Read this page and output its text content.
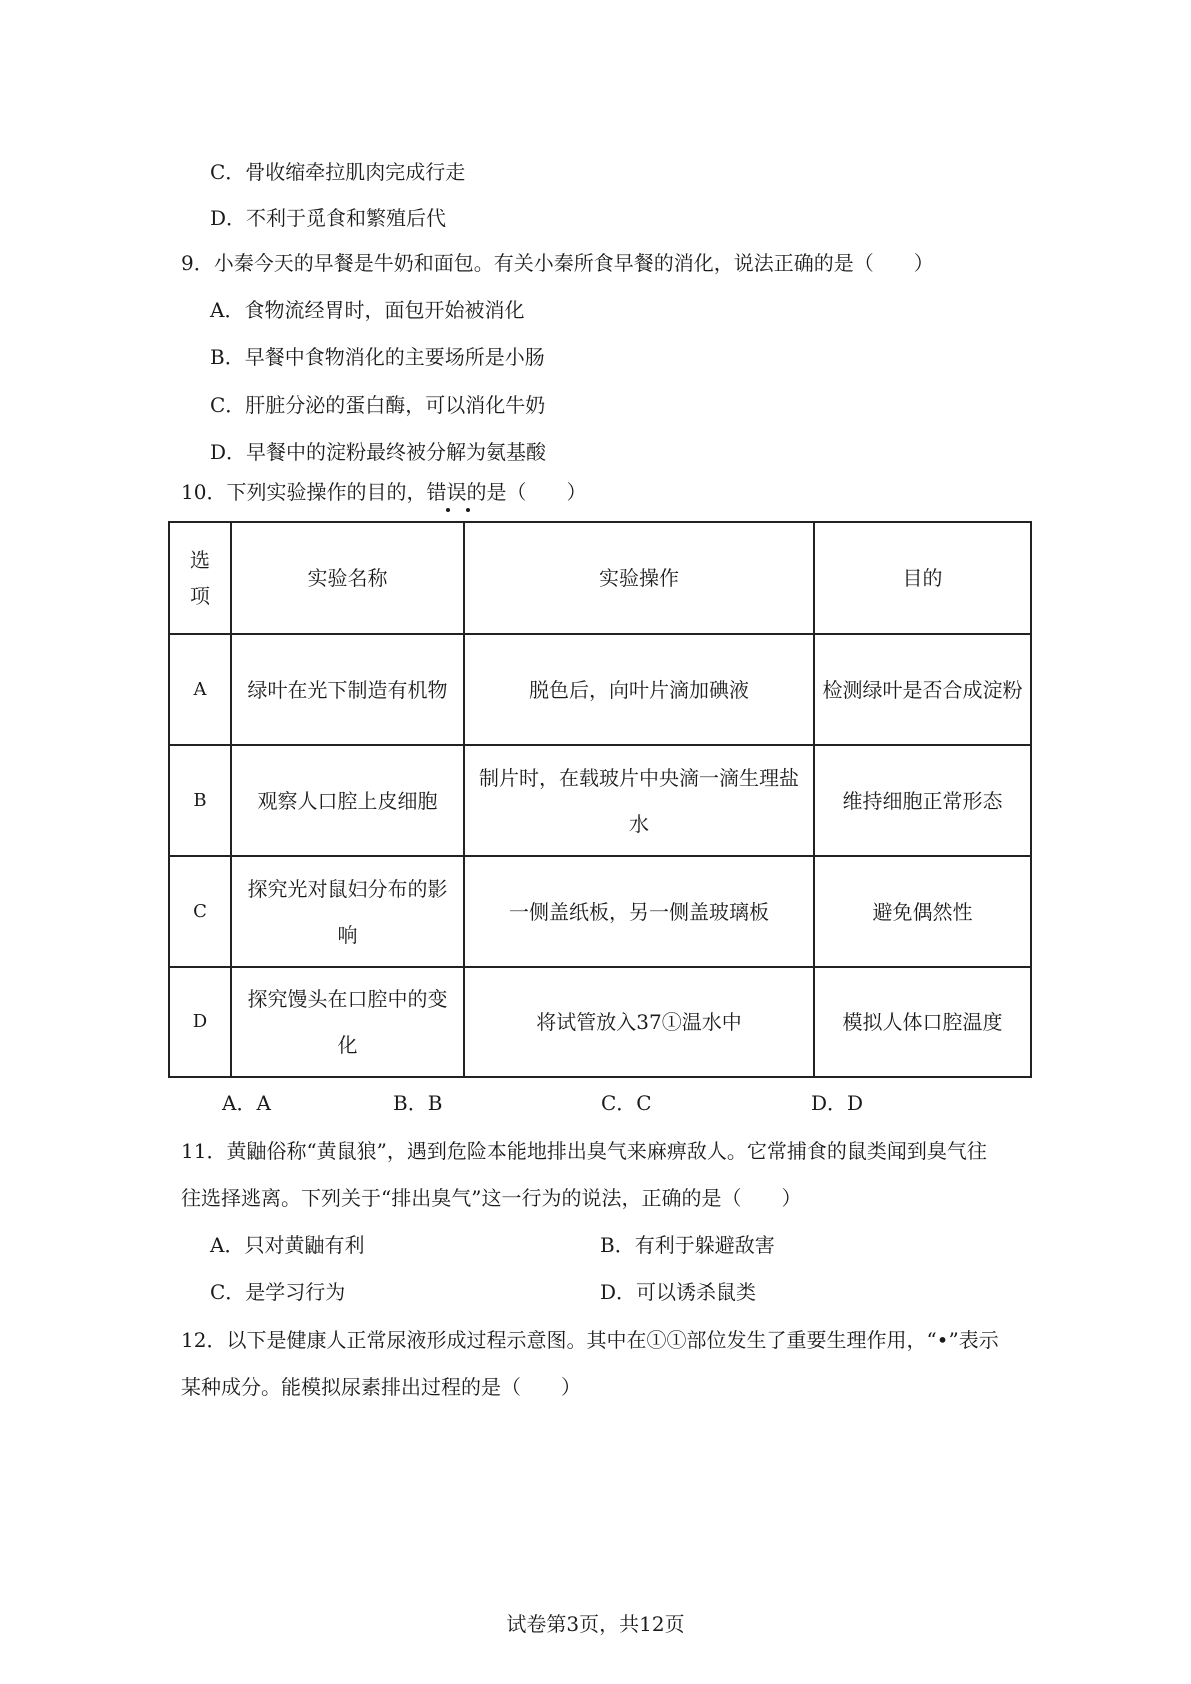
C．骨收缩牵拉肌肉完成行走
D．不利于觅食和繁殖后代
9．小秦今天的早餐是牛奶和面包。有关小秦所食早餐的消化，说法正确的是（　　）
A．食物流经胃时，面包开始被消化
B．早餐中食物消化的主要场所是小肠
C．肝脏分泌的蛋白酶，可以消化牛奶
D．早餐中的淀粉最终被分解为氨基酸
10．下列实验操作的目的，错误的是（　　）
选项	实验名称	实验操作	目的
A	绿叶在光下制造有机物	脱色后，向叶片滴加碘液	检测绿叶是否合成淀粉
B	观察人口腔上皮细胞	制片时，在载玻片中央滴一滴生理盐水	维持细胞正常形态
C	探究光对鼠妇分布的影响	一侧盖纸板，另一侧盖玻璃板	避免偶然性
D	探究馒头在口腔中的变化	将试管放入37①温水中	模拟人体口腔温度
A．A	B．B	C．C	D．D
11．黄鼬俗称“黄鼠狼”，遇到危险本能地排出臭气来麻痹敌人。它常捕食的鼠类闻到臭气往
往选择逃离。下列关于“排出臭气”这一行为的说法，正确的是（　　）
A．只对黄鼬有利	B．有利于躲避敌害
C．是学习行为	D．可以诱杀鼠类
12．以下是健康人正常尿液形成过程示意图。其中在①①部位发生了重要生理作用，“•”表示
某种成分。能模拟尿素排出过程的是（　　）
试卷第3页，共12页
